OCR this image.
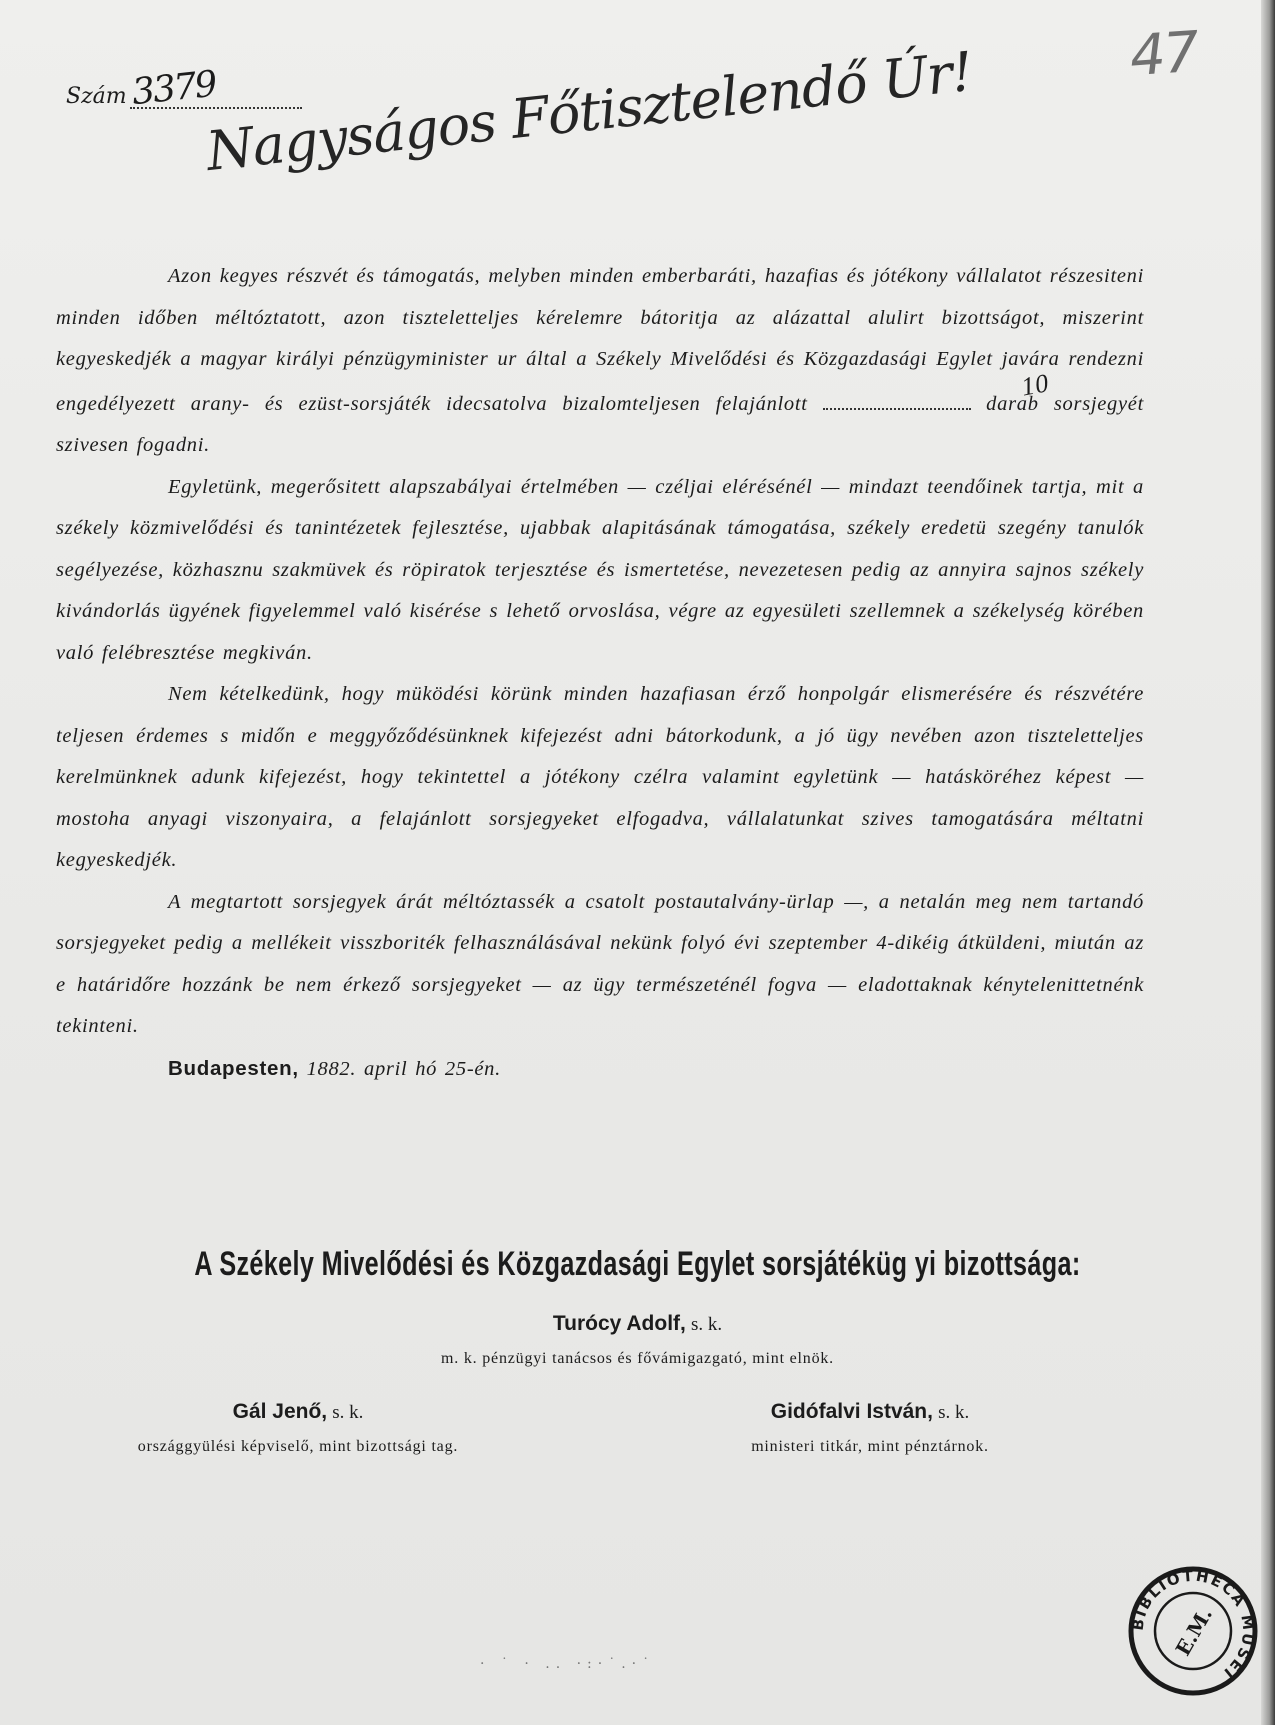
47
Szám 3379
Nagyságos Főtisztelendő Úr!

Azon kegyes részvét és támogatás, melyben minden emberbaráti, hazafias és jótékony vállalatot részesiteni minden időben méltóztatott, azon tiszteletteljes kérelemre bátoritja az alázattal alulirt bizottságot, miszerint kegyeskedjék a magyar királyi pénzügyminister ur által a Székely Mivelődési és Közgazdasági Egylet javára rendezni engedélyezett arany- és ezüst-sorsjáték idecsatolva bizalomteljesen felajánlott 10 darab sorsjegyét szivesen fogadni.

Egyletünk, megerősitett alapszabályai értelmében — czéljai elérésénél — mindazt teendőinek tartja, mit a székely közmivelődési és tanintézetek fejlesztése, ujabbak alapitásának támogatása, székely eredetü szegény tanulók segélyezése, közhasznu szakmüvek és röpiratok terjesztése és ismertetése, nevezetesen pedig az annyira sajnos székely kivándorlás ügyének figyelemmel való kisérése s lehető orvoslása, végre az egyesületi szellemnek a székelység körében való felébresztése megkiván.

Nem kételkedünk, hogy müködési körünk minden hazafiasan érző honpolgár elismerésére és részvétére teljesen érdemes s midőn e meggyőződésünknek kifejezést adni bátorkodunk, a jó ügy nevében azon tiszteletteljes kerelmünknek adunk kifejezést, hogy tekintettel a jótékony czélra valamint egyletünk — hatásköréhez képest — mostoha anyagi viszonyaira, a felajánlott sorsjegyeket elfogadva, vállalatunkat szives tamogatására méltatni kegyeskedjék.

A megtartott sorsjegyek árát méltóztassék a csatolt postautalvány-ürlap —, a netalán meg nem tartandó sorsjegyeket pedig a mellékeit visszboriték felhasználásával nekünk folyó évi szeptember 4-dikéig átküldeni, miután az e határidőre hozzánk be nem érkező sorsjegyeket — az ügy természeténél fogva — eladottaknak kénytelenittetnénk tekinteni.

Budapesten, 1882. april hó 25-én.

A Székely Mivelődési és Közgazdasági Egylet sorsjátéküg yi bizottsága:
Turócy Adolf, s. k.
m. k. pénzügyi tanácsos és fővámigazgató, mint elnök.
Gál Jenő, s. k.
országgyülési képviselő, mint bizottsági tag.
Gidófalvi István, s. k.
ministeri titkár, mint pénztárnok.
· ˙ · .. ·:·˙.·˙
BIBLIOTHECA MUSEI
E.M.
